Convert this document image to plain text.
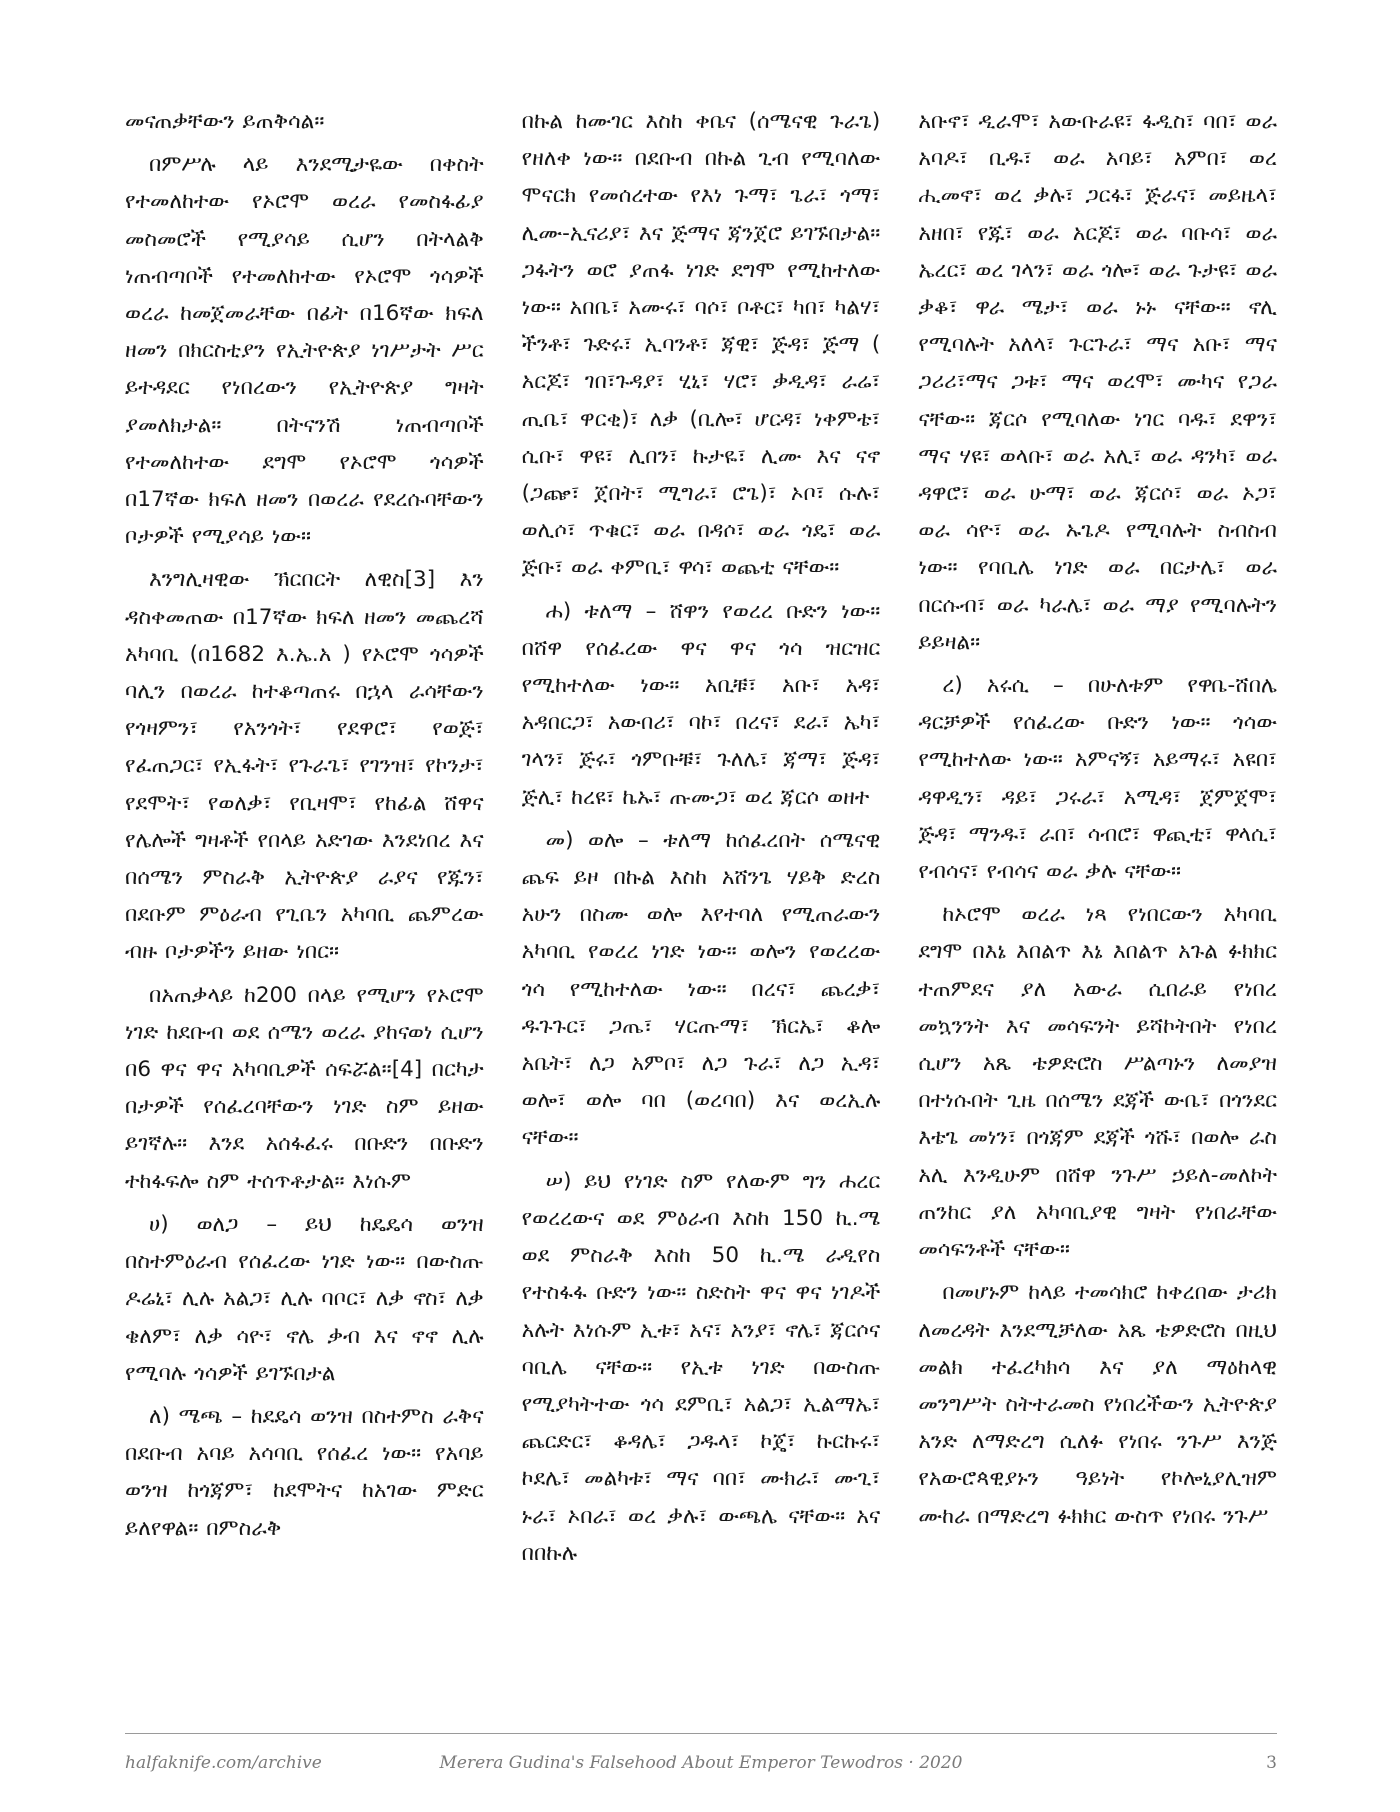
መናጠቃቸውን ይጠቅሳል።

በምሥሉ ላይ እንደሚታዬው በቀስት የተመለከተው የኦሮሞ ወረራ የመስፋፊያ መስመሮች የሚያሳይ ሲሆን በትላልቅ ነጠብጣቦች የተመለከተው የኦሮሞ ጎሳዎች ወረራ ከመጀመራቸው በፊት በ16ኛው ክፍለ ዘመን በክርስቲያን የኢትዮጵያ ነገሥታት ሥር ይተዳደር የነበረውን የኢትዮጵያ ግዛት ያመለክታል። በትናንሽ ነጠብጣቦች የተመለከተው ደግሞ የኦሮሞ ጎሳዎች በ17ኛው ክፍለ ዘመን በወረራ የደረሱባቸውን ቦታዎች የሚያሳይ ነው።

እንግሊዛዊው ኽርበርት ለዊስ[3] እን ዳስቀመጠው በ17ኛው ክፍለ ዘመን መጨረሻ አካባቢ (በ1682 እ.ኤ.አ ) የኦሮሞ ጎሳዎች ባሊን በወረራ ከተቆጣጠሩ በኋላ ራሳቸውን የጎዛምን፣ የአንጎት፣ የደዋሮ፣ የወጅ፣ የፈጠጋር፣ የኢፋት፣ የጉራጌ፣ የገንዝ፣ የኮንታ፣ የደሞት፣ የወለቃ፣ የቢዛሞ፣ የከፊል ሸዋና የሌሎች ግዛቶች የበላይ አድገው እንደነበረ እና በሰሜን ምስራቅ ኢትዮጵያ ራያና የጁን፣ በደቡም ምዕራብ የጊቤን አካባቢ ጨምረው ብዙ ቦታዎችን ይዘው ነበር።

በአጠቃላይ ከ200 በላይ የሚሆን የኦሮሞ ነገድ ከደቡብ ወደ ሰሜን ወረራ ያከናወነ ሲሆን በ6 ዋና ዋና አካባቢዎች ሰፍሯል።[4] በርካታ በታዎች የሰፈረባቸውን ነገድ ስም ይዘው ይገኛሉ። እንደ አሰፋፈሩ በቡድን በቡድን ተከፋፍሎ ስም ተሰጥቶታል። እነሱም

ሀ) ወለጋ – ይህ ከዴዴሳ ወንዝ በስተምዕራብ የሰፈረው ነገድ ነው። በውስጡ ዶሬኒ፣ ሊሉ አልጋ፣ ሊሉ ባቦር፣ ለቃ ኖስ፣ ለቃ ቄለም፣ ለቃ ሳዮ፣ ኖሌ ቃብ እና ኖኖ ሊሉ የሚባሉ ጎሳዎች ይገኙበታል

ለ) ሜጫ – ከደዴሳ ወንዝ በስተምስ ራቅና በደቡብ አባይ አሳባቢ የሰፈረ ነው። የአባይ ወንዝ ከጎጃም፣ ከደሞትና ከአገው ምድር ይለየዋል። በምስራቅ

በኩል ከሙገር እስከ ቀቤና (ሰሜናዊ ጉራጌ) የዘለቀ ነው። በደቡብ በኩል ጊብ የሚባለው ሞናርክ የመሰረተው የእነ ጉማ፣ ጌራ፣ ጎማ፣ ሊሙ-ኢናሪያ፣ እና ጅማና ጃንጀሮ ይገኙበታል። ጋፋትን ወሮ ያጠፋ ነገድ ደግሞ የሚከተለው ነው። አበቤ፣ አሙሩ፣ ባሶ፣ ቦቶር፣ ካበ፣ ካልሃ፣ ችንቶ፣ ጉድሩ፣ ኢባንቶ፣ ጃዊ፣ ጅዳ፣ ጅማ ( አርጆ፣ ገበ፣ጉዳያ፣ ሂኒ፣ ሃሮ፣ ቃዲዳ፣ ራሬ፣ ጢቤ፣ ዋርቂ)፣ ለቃ (ቢሎ፣ ሆርዳ፣ ነቀምቴ፣ ሲቡ፣ ዋዩ፣ ሊበን፣ ኩታዬ፣ ሊሙ እና ናኖ (ጋጬ፣ ጀበት፣ ሚግራ፣ ሮጌ)፣ ኦቦ፣ ሱሉ፣ ወሊሶ፣ ጥቁር፣ ወራ በዳሶ፣ ወራ ጎዴ፣ ወራ ጅቡ፣ ወራ ቀምቢ፣ ዋሳ፣ ወጨቲ ናቸው።

ሐ) ቱለማ – ሸዋን የወረረ ቡድን ነው። በሸዋ የሰፈረው ዋና ዋና ጎሳ ዝርዝር የሚከተለው ነው። አቢቹ፣ አቡ፣ አዳ፣ አዳበርጋ፣ አውበሪ፣ ባኮ፣ በረና፣ ደራ፣ ኤካ፣ ገላን፣ ጅሩ፣ ጎምቡቹ፣ ጉለሌ፣ ጃማ፣ ጅዳ፣ ጅሊ፣ ከረዩ፣ ኬኡ፣ ጡሙጋ፣ ወረ ጃርሶ ወዘተ

መ) ወሎ – ቱለማ ከሰፈረበት ሰሜናዊ ጨፍ ይዞ በኩል እስከ አሸንጌ ሃይቅ ድረስ አሁን በስሙ ወሎ እየተባለ የሚጠራውን አካባቢ የወረረ ነገድ ነው። ወሎን የወረረው ጎሳ የሚከተለው ነው። በረና፣ ጨረቃ፣ ዱጉጉር፣ ጋጤ፣ ሃርጡማ፣ ኽርኤ፣ ቆሎ አቤት፣ ለጋ አምቦ፣ ለጋ ጉራ፣ ለጋ ኢዳ፣ ወሎ፣ ወሎ ባበ (ወረባበ) እና ወረኢሉ ናቸው።

ሠ) ይህ የነገድ ስም የለውም ግን ሐረር የወረረውና ወደ ምዕራብ እስከ 150 ኪ.ሜ ወደ ምስራቅ እስከ 50 ኪ.ሜ ራዲየስ የተስፋፋ ቡድን ነው። ስድስት ዋና ዋና ነገዶች አሉት እነሱም ኢቱ፣ አና፣ አንያ፣ ኖሌ፣ ጃርሶና ባቢሌ ናቸው። የኢቱ ነገድ በውስጡ የሚያካትተው ጎሳ ደምቢ፣ አልጋ፣ ኢልማኤ፣ ጨርድር፣ ቆዳሌ፣ ጋዱላ፣ ኮጄ፣ ኩርኩሩ፣ ኮደሌ፣ መልካቱ፣ ማና ባበ፣ ሙክራ፣ ሙጊ፣ ኑራ፣ ኦበራ፣ ወረ ቃሉ፣ ውጫሌ ናቸው። አና በበኩሉ

አቡኖ፣ ዲራሞ፣ አውቡራዩ፣ ፋዲስ፣ ባበ፣ ወራ አባዶ፣ ቢዱ፣ ወራ አባይ፣ አምበ፣ ወረ ሒመኖ፣ ወረ ቃሉ፣ ጋርፋ፣ ጅራና፣ መይዜላ፣ አዘበ፣ የጁ፣ ወራ አርጆ፣ ወራ ባቡሳ፣ ወራ ኤረር፣ ወረ ገላን፣ ወራ ጎሎ፣ ወራ ጉታዩ፣ ወራ ቃቆ፣ ዋራ ሜታ፣ ወራ ኑኑ ናቸው። ኖሊ የሚባሉት አለላ፣ ጉርጉራ፣ ማና አቡ፣ ማና ጋሪሪ፣ማና ጋቱ፣ ማና ወረሞ፣ ሙካና የጋራ ናቸው። ጃርሶ የሚባለው ነገር ባዱ፣ ደዋን፣ ማና ሃዩ፣ ወላቡ፣ ወራ አሊ፣ ወራ ዳንካ፣ ወራ ዳዋሮ፣ ወራ ሁማ፣ ወራ ጃርሶ፣ ወራ ኦጋ፣ ወራ ሳዮ፣ ወራ ኡጌዶ የሚባሉት ስብስብ ነው። የባቢሌ ነገድ ወራ በርታሌ፣ ወራ በርሱብ፣ ወራ ካራሌ፣ ወራ ማያ የሚባሉትን ይይዛል።

ረ) አሩሲ – በሁለቱም የዋቤ-ሸበሌ ዳርቻዎች የሰፈረው ቡድን ነው። ጎሳው የሚከተለው ነው። አምናኝ፣ አይማሩ፣ አዩበ፣ ዳዋዲን፣ ዳይ፣ ጋሩራ፣ አሚዳ፣ ጀምጀሞ፣ ጅዳ፣ ማንዱ፣ ራበ፣ ሳብሮ፣ ዋጪቲ፣ ዋላሲ፣ የብሳና፣ የብሳና ወራ ቃሉ ናቸው።

ከኦሮሞ ወረራ ነጻ የነበርውን አካባቢ ደግሞ በእኔ እበልጥ እኔ እበልጥ አጉል ፉክክር ተጠምደና ያለ አውራ ሲበራይ የነበረ መኳንንት እና መሳፍንት ይሻኮትበት የነበረ ሲሆን አጼ ቴዎድሮስ ሥልጣኑን ለመያዝ በተነሱበት ጊዜ በሰሜን ደጃች ውቤ፣ በጎንደር እቴጌ መነን፣ በጎጃም ደጃች ጎሹ፣ በወሎ ራስ አሊ እንዲሁም በሸዋ ንጉሥ ኃይለ-መለኮት ጠንከር ያለ አካባቢያዊ ግዛት የነበራቸው መሳፍንቶች ናቸው።

በመሆኑም ከላይ ተመሳክሮ ከቀረበው ታሪክ ለመረዳት እንደሚቻለው አጼ ቴዎድሮስ በዚህ መልክ ተፈረካክሳ እና ያለ ማዕከላዊ መንግሥት ስትተራመስ የነበረችውን ኢትዮጵያ አንድ ለማድረግ ሲለፉ የነበሩ ንጉሥ እንጅ የአውሮጳዊያኑን ዓይነት የኮሎኒያሊዝም ሙከራ በማድረግ ፉክክር ውስጥ የነበሩ ንጉሥ

halfaknife.com/archive	Merera Gudina's Falsehood About Emperor Tewodros · 2020	3
